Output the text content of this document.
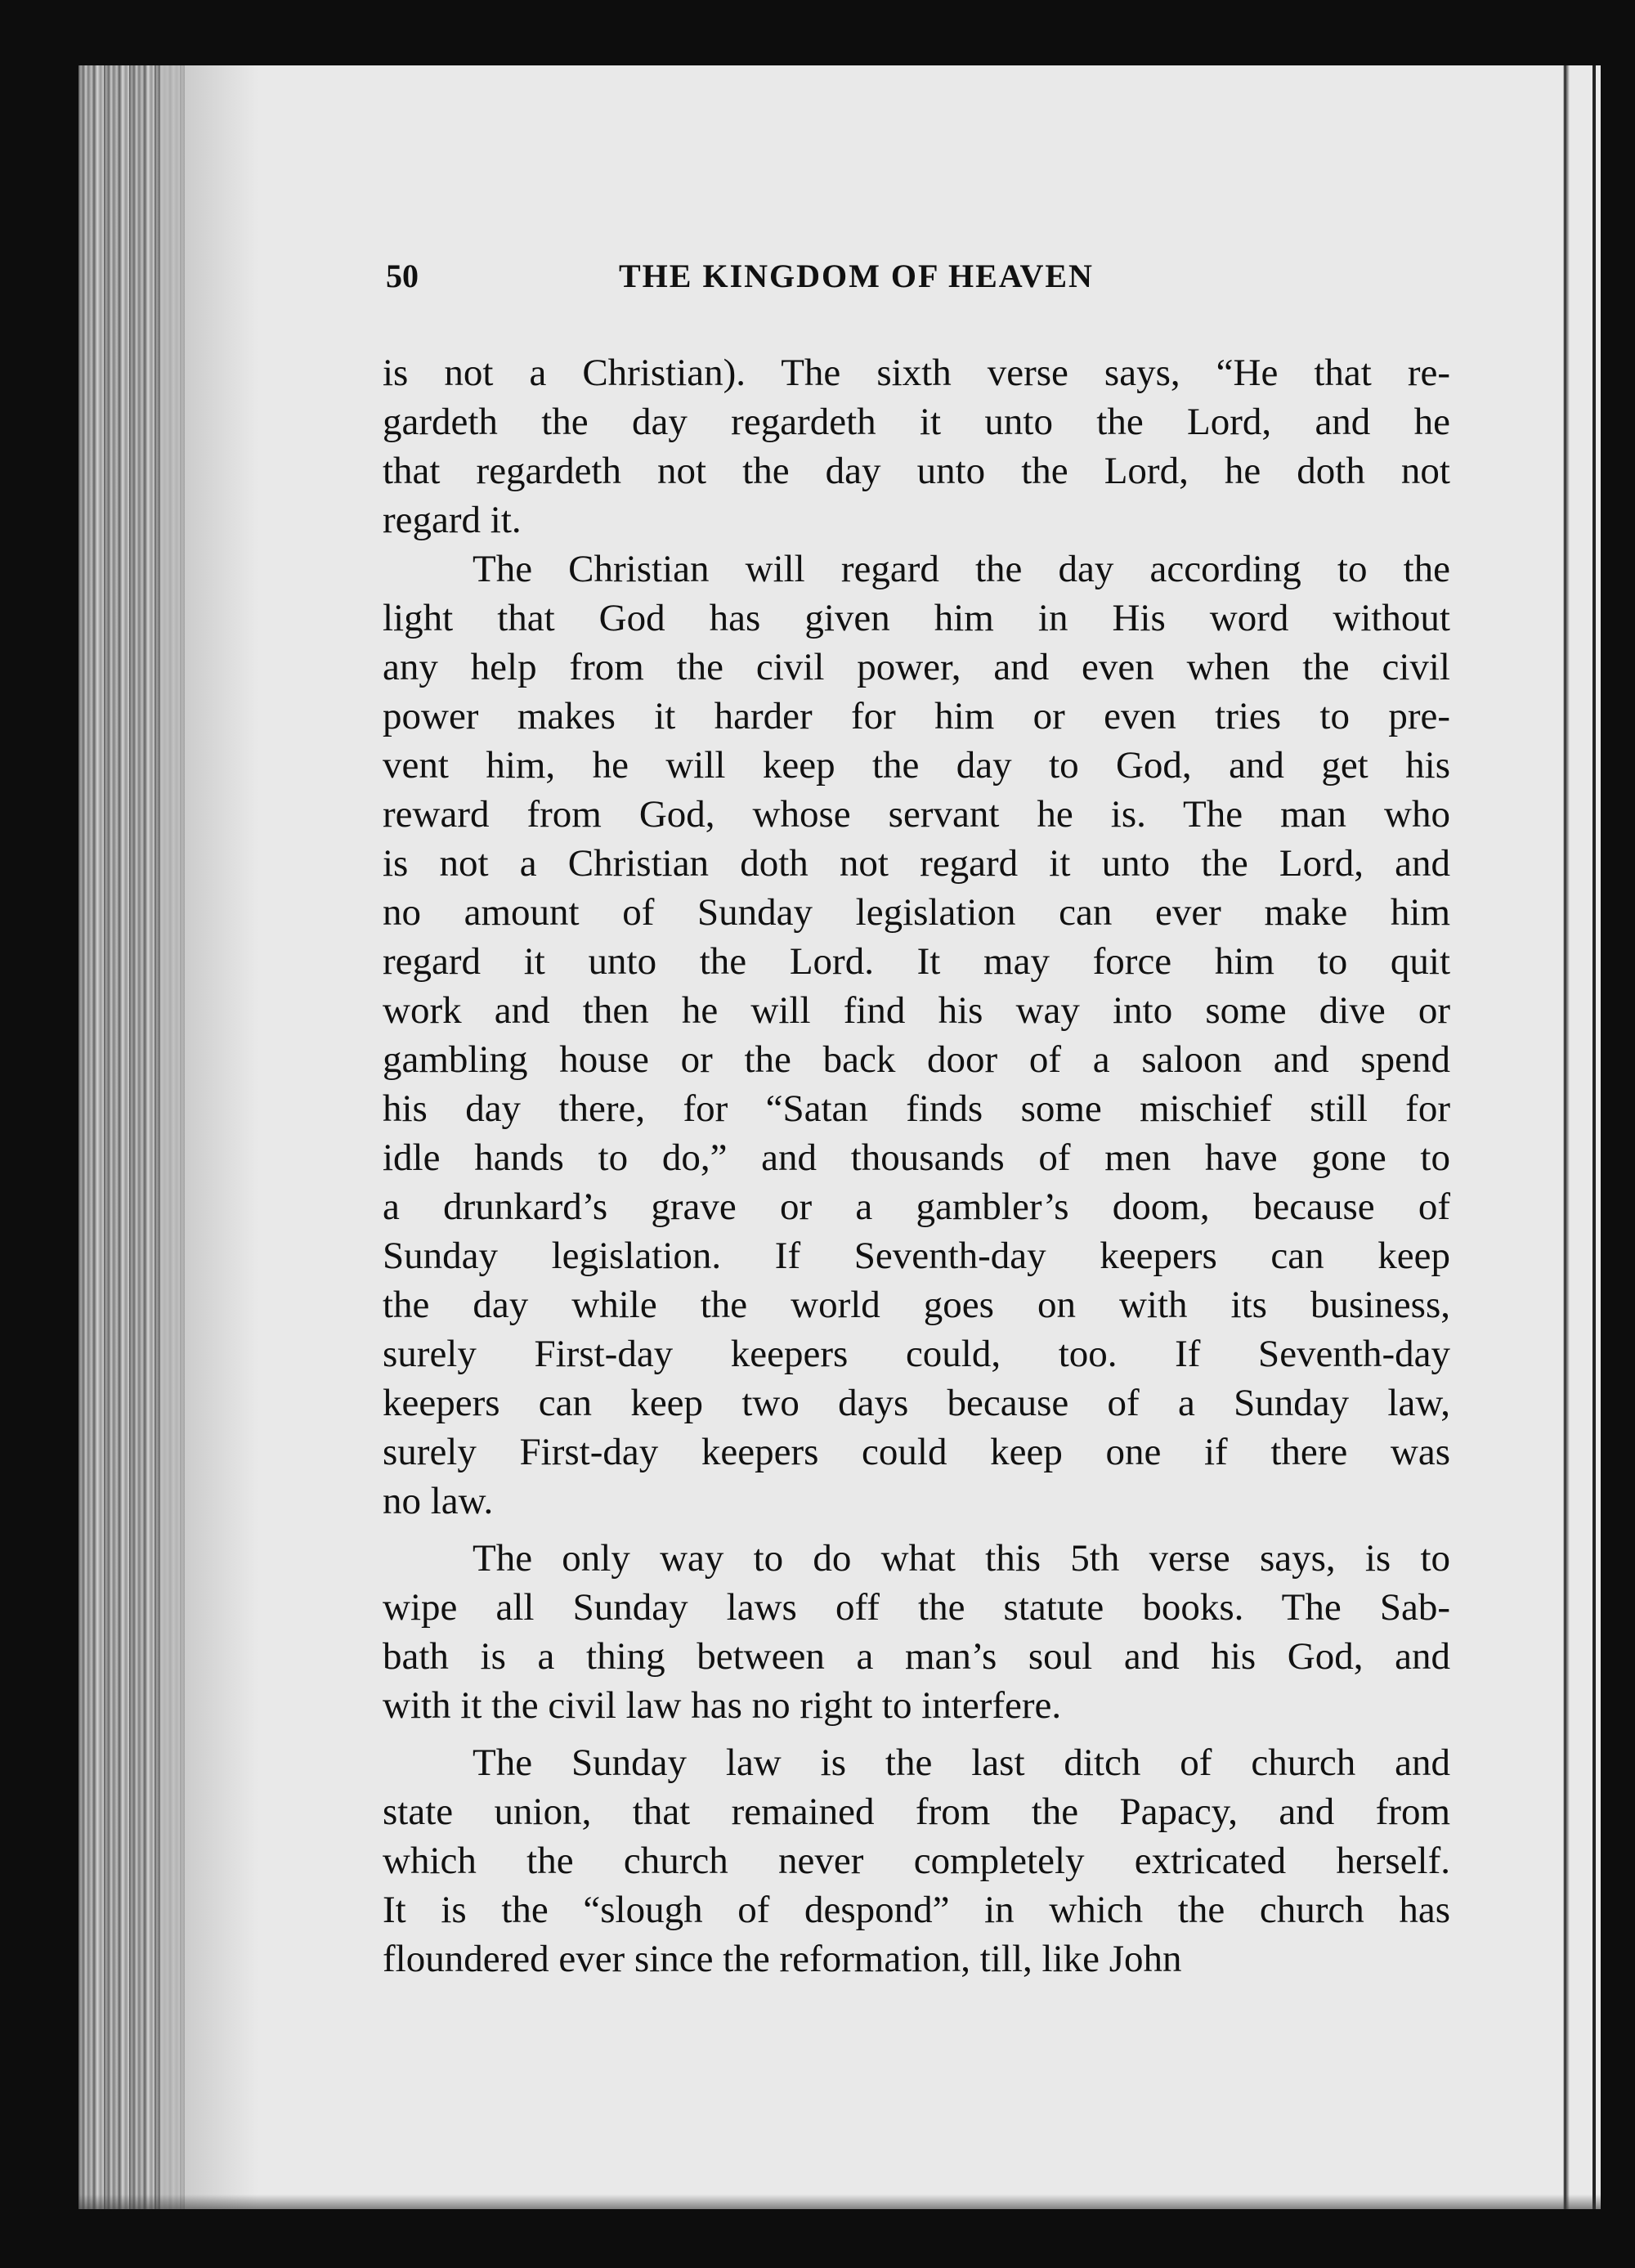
50	THE KINGDOM OF HEAVEN
is not a Christian). The sixth verse says, “He that re-
gardeth the day regardeth it unto the Lord, and he
that regardeth not the day unto the Lord, he doth not
regard it.
The Christian will regard the day according to the
light that God has given him in His word without
any help from the civil power, and even when the civil
power makes it harder for him or even tries to pre-
vent him, he will keep the day to God, and get his
reward from God, whose servant he is. The man who
is not a Christian doth not regard it unto the Lord, and
no amount of Sunday legislation can ever make him
regard it unto the Lord. It may force him to quit
work and then he will find his way into some dive or
gambling house or the back door of a saloon and spend
his day there, for “Satan finds some mischief still for
idle hands to do,” and thousands of men have gone to
a drunkard’s grave or a gambler’s doom, because of
Sunday legislation. If Seventh-day keepers can keep
the day while the world goes on with its business,
surely First-day keepers could, too. If Seventh-day
keepers can keep two days because of a Sunday law,
surely First-day keepers could keep one if there was
no law.
The only way to do what this 5th verse says, is to
wipe all Sunday laws off the statute books. The Sab-
bath is a thing between a man’s soul and his God, and
with it the civil law has no right to interfere.
The Sunday law is the last ditch of church and
state union, that remained from the Papacy, and from
which the church never completely extricated herself.
It is the “slough of despond” in which the church has
floundered ever since the reformation, till, like John
